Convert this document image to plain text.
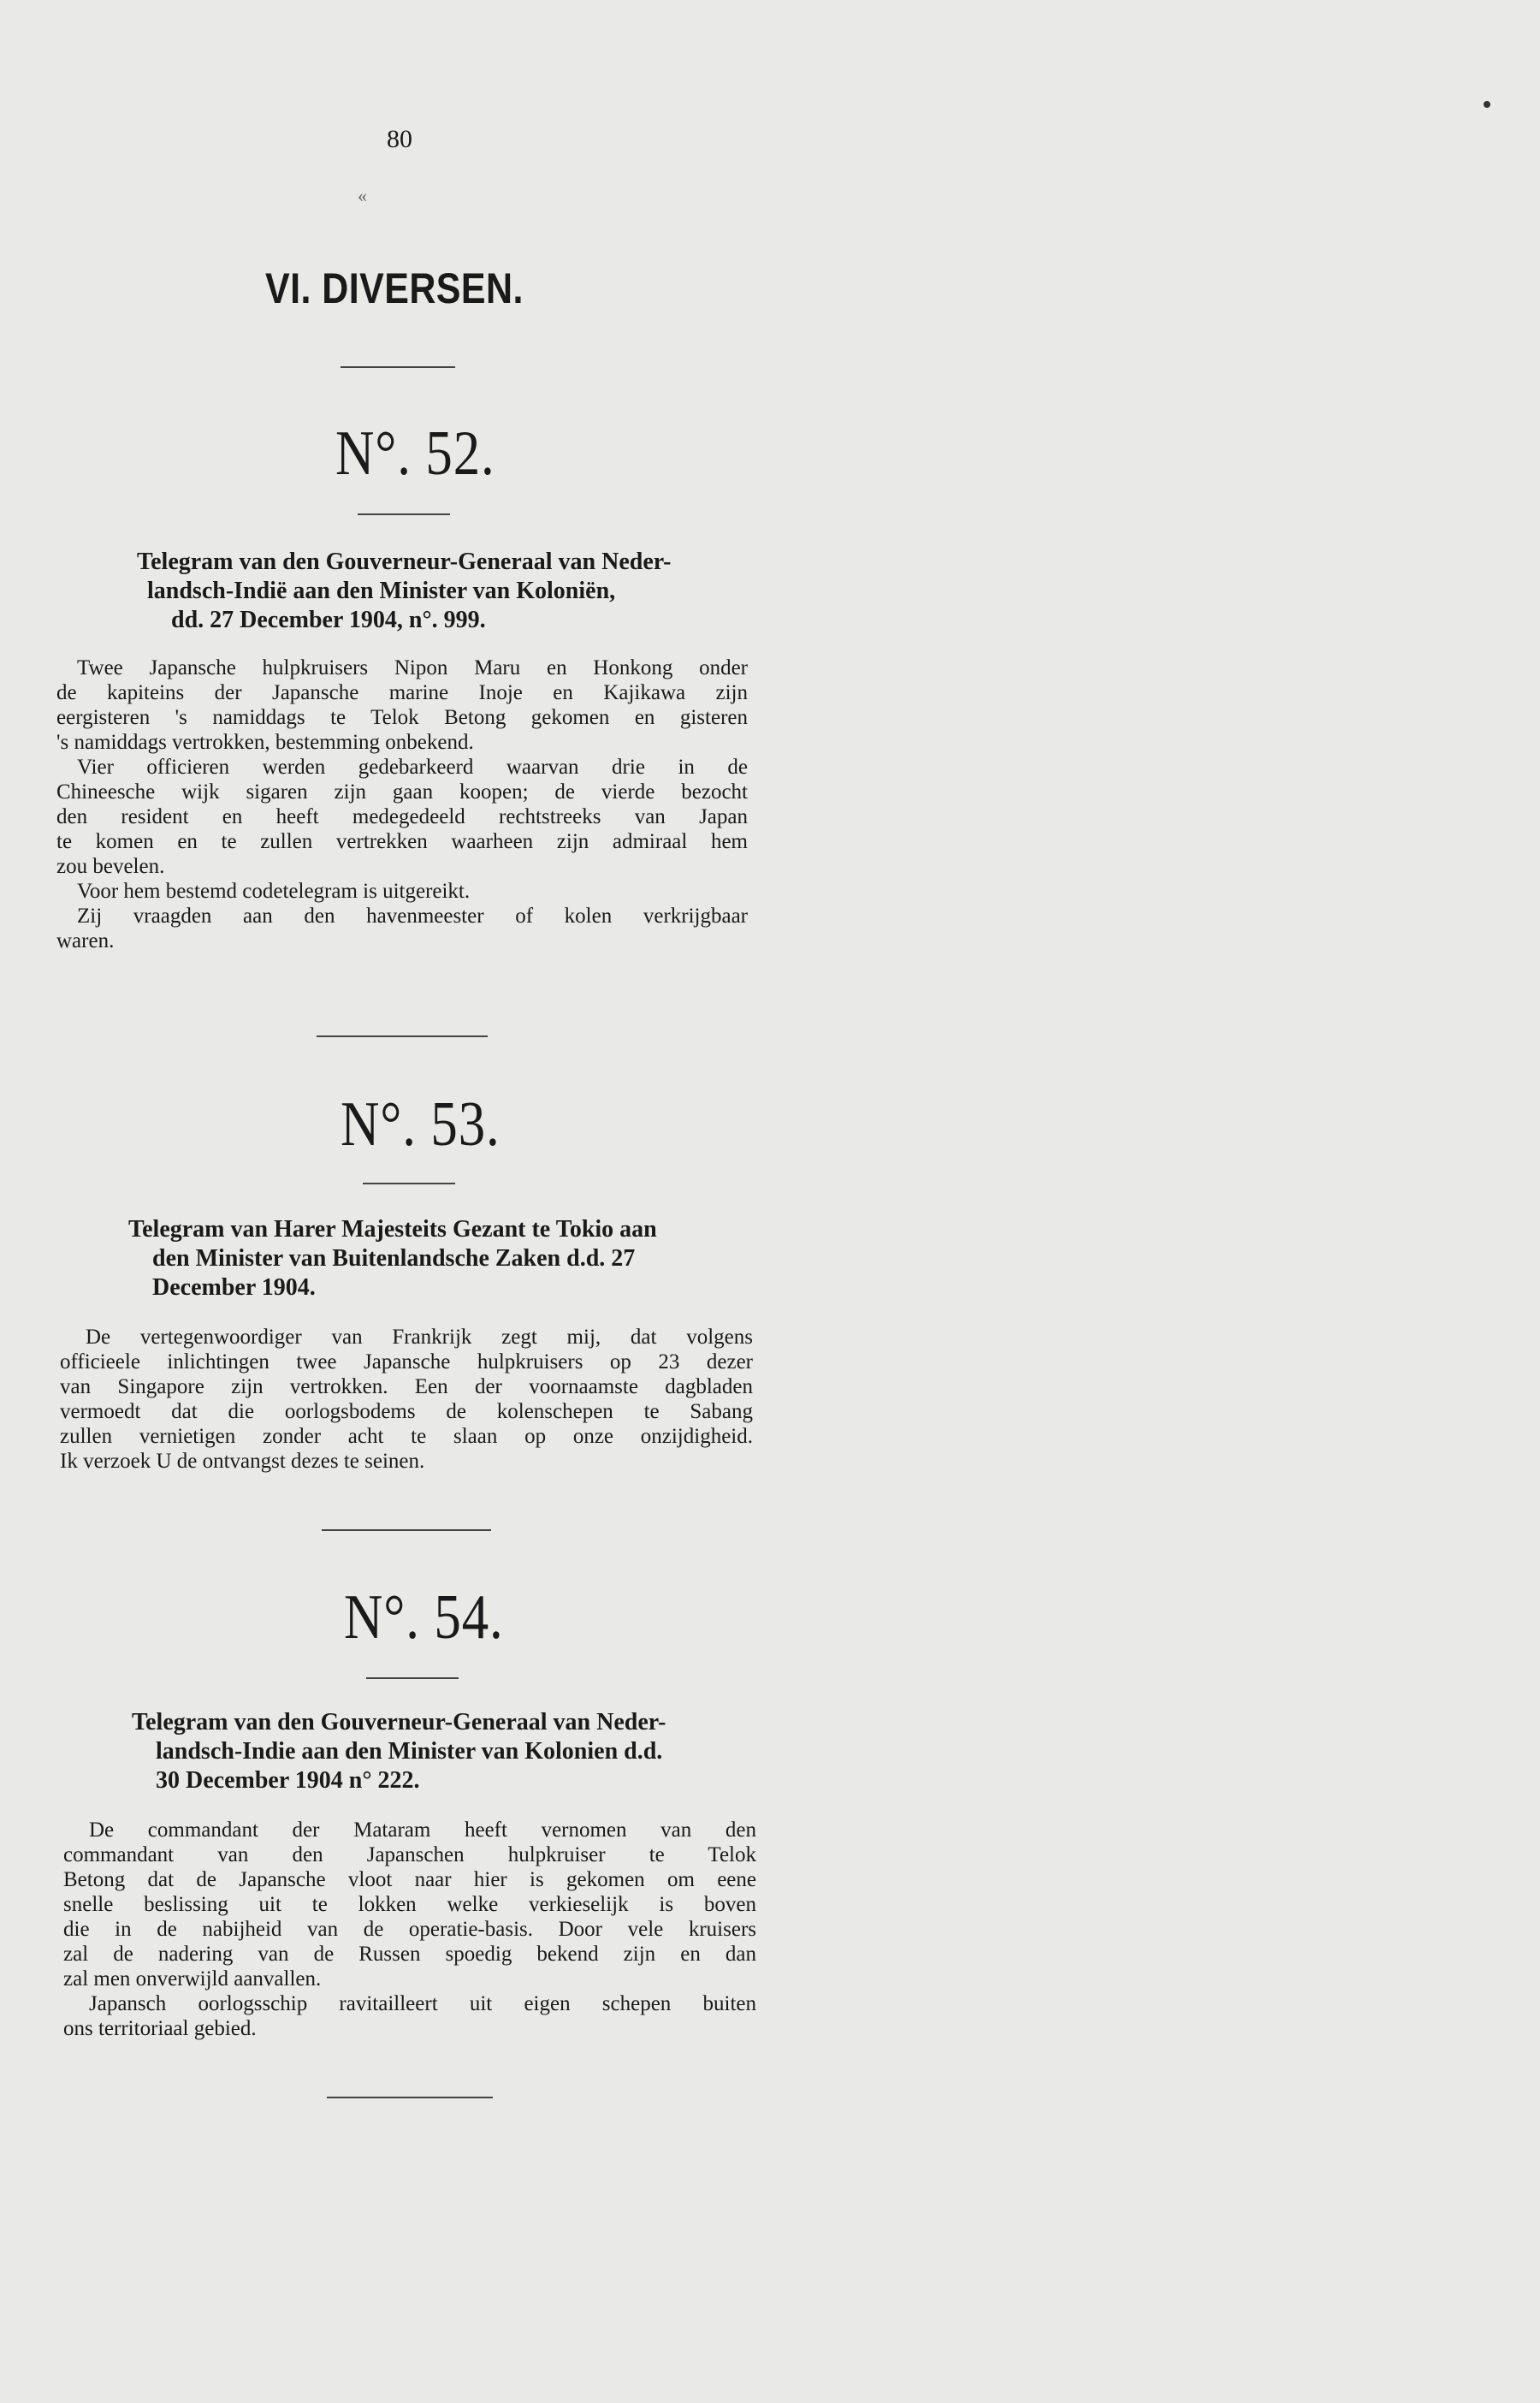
80
«
VI. DIVERSEN.
N°. 52.
Telegram van den Gouverneur-Generaal van Neder-
landsch-Indië aan den Minister van Koloniën,
dd. 27 December 1904, n°. 999.
Twee Japansche hulpkruisers Nipon Maru en Honkong onder
de kapiteins der Japansche marine Inoje en Kajikawa zijn
eergisteren 's namiddags te Telok Betong gekomen en gisteren
's namiddags vertrokken, bestemming onbekend.
Vier officieren werden gedebarkeerd waarvan drie in de
Chineesche wijk sigaren zijn gaan koopen; de vierde bezocht
den resident en heeft medegedeeld rechtstreeks van Japan
te komen en te zullen vertrekken waarheen zijn admiraal hem
zou bevelen.
Voor hem bestemd codetelegram is uitgereikt.
Zij vraagden aan den havenmeester of kolen verkrijgbaar
waren.
N°. 53.
Telegram van Harer Majesteits Gezant te Tokio aan
den Minister van Buitenlandsche Zaken d.d. 27
December 1904.
De vertegenwoordiger van Frankrijk zegt mij, dat volgens
officieele inlichtingen twee Japansche hulpkruisers op 23 dezer
van Singapore zijn vertrokken. Een der voornaamste dagbladen
vermoedt dat die oorlogsbodems de kolenschepen te Sabang
zullen vernietigen zonder acht te slaan op onze onzijdigheid.
Ik verzoek U de ontvangst dezes te seinen.
N°. 54.
Telegram van den Gouverneur-Generaal van Neder-
landsch-Indie aan den Minister van Kolonien d.d.
30 December 1904 n° 222.
De commandant der Mataram heeft vernomen van den
commandant van den Japanschen hulpkruiser te Telok
Betong dat de Japansche vloot naar hier is gekomen om eene
snelle beslissing uit te lokken welke verkieselijk is boven
die in de nabijheid van de operatie-basis. Door vele kruisers
zal de nadering van de Russen spoedig bekend zijn en dan
zal men onverwijld aanvallen.
Japansch oorlogsschip ravitailleert uit eigen schepen buiten
ons territoriaal gebied.
